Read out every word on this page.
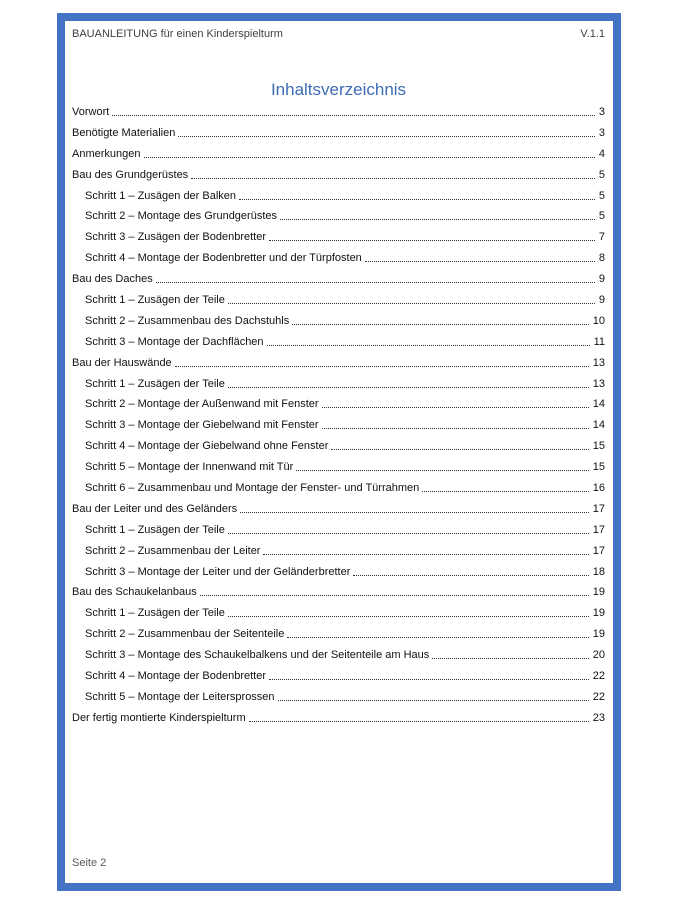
BAUANLEITUNG für einen Kinderspielturm	V.1.1
Inhaltsverzeichnis
Vorwort	3
Benötigte Materialien	3
Anmerkungen	4
Bau des Grundgerüstes	5
Schritt 1 – Zusägen der Balken	5
Schritt 2 – Montage des Grundgerüstes	5
Schritt 3 – Zusägen der Bodenbretter	7
Schritt 4 – Montage der Bodenbretter und der Türpfosten	8
Bau des Daches	9
Schritt 1 – Zusägen der Teile	9
Schritt 2 – Zusammenbau des Dachstuhls	10
Schritt 3 – Montage der Dachflächen	11
Bau der Hauswände	13
Schritt 1 – Zusägen der Teile	13
Schritt 2 – Montage der Außenwand mit Fenster	14
Schritt 3 – Montage der Giebelwand mit Fenster	14
Schritt 4 – Montage der Giebelwand ohne Fenster	15
Schritt 5 – Montage der Innenwand mit Tür	15
Schritt 6 – Zusammenbau und Montage der Fenster- und Türrahmen	16
Bau der Leiter und des Geländers	17
Schritt 1 – Zusägen der Teile	17
Schritt 2 – Zusammenbau der Leiter	17
Schritt 3 – Montage der Leiter und der Geländerbretter	18
Bau des Schaukelanbaus	19
Schritt 1 – Zusägen der Teile	19
Schritt 2 – Zusammenbau der Seitenteile	19
Schritt 3 – Montage des Schaukelbalkens und der Seitenteile am Haus	20
Schritt 4 – Montage der Bodenbretter	22
Schritt 5 – Montage der Leitersprossen	22
Der fertig montierte Kinderspielturm	23
Seite 2
